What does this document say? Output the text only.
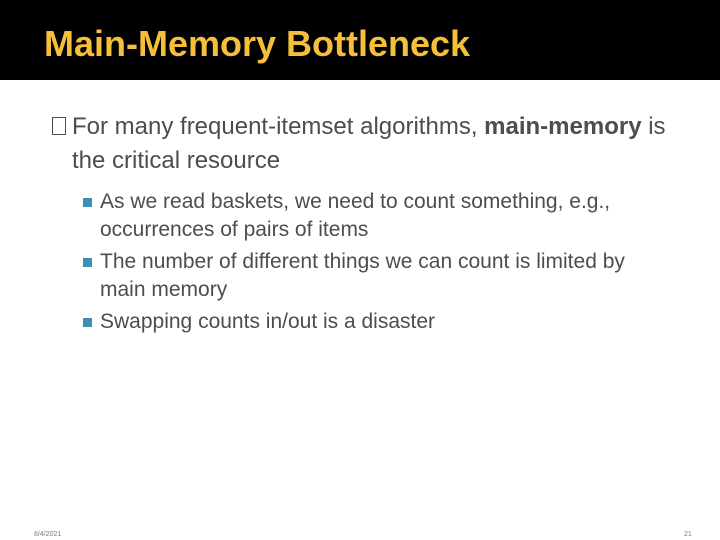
Main-Memory Bottleneck
For many frequent-itemset algorithms, main-memory is the critical resource
As we read baskets, we need to count something, e.g., occurrences of pairs of items
The number of different things we can count is limited by main memory
Swapping counts in/out is a disaster
8/4/2021	21
